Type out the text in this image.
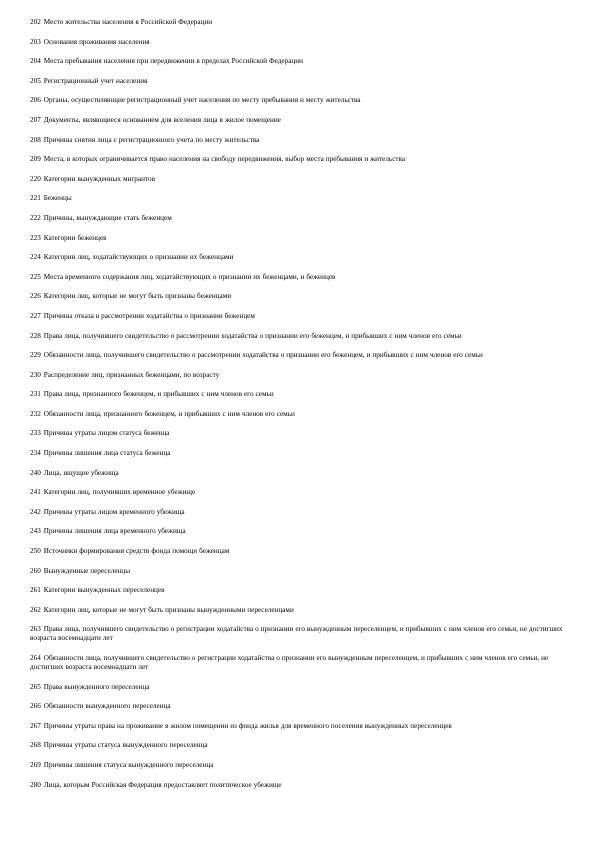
202 Место жительства населения в Российской Федерации
203 Основания проживания населения
204 Места пребывания населения при передвижении в пределах Российской Федерации
205 Регистрационный учет населения
206 Органы, осуществляющие регистрационный учет населения по месту пребывания и месту жительства
207 Документы, являющиеся основанием для вселения лица в жилое помещение
208 Причины снятия лица с регистрационного учета по месту жительства
209 Места, в которых ограничивается право населения на свободу передвижения, выбор места пребывания и жительства
220 Категории вынужденных мигрантов
221 Беженцы
222 Причины, вынуждающие стать беженцем
223 Категории беженцев
224 Категории лиц, ходатайствующих о признании их беженцами
225 Места временного содержания лиц, ходатайствующих о признании их беженцами, и беженцев
226 Категории лиц, которые не могут быть признаны беженцами
227 Причины отказа в рассмотрении ходатайства о признании беженцем
228 Права лица, получившего свидетельство о рассмотрении ходатайства о признании его беженцем, и прибывших с ним членов его семьи
229 Обязанности лица, получившего свидетельство о рассмотрении ходатайства о признании его беженцем, и прибывших с ним членов его семьи
230 Распределение лиц, признанных беженцами, по возрасту
231 Права лица, признанного беженцем, и прибывших с ним членов его семьи
232 Обязанности лица, признанного беженцем, и прибывших с ним членов его семьи
233 Причины утраты лицом статуса беженца
234 Причины лишения лица статуса беженца
240 Лица, ищущие убежища
241 Категории лиц, получивших временное убежище
242 Причины утраты лицом временного убежища
243 Причины лишения лица временного убежища
250 Источники формирования средств фонда помощи беженцам
260 Вынужденные переселенцы
261 Категории вынужденных переселенцев
262 Категории лиц, которые не могут быть признаны вынужденными переселенцами
263 Права лица, получившего свидетельство о регистрации ходатайства о признании его вынужденным переселенцем, и прибывших с ним членов его семьи, не достигших возраста восемнадцати лет
264 Обязанности лица, получившего свидетельство о регистрации ходатайства о признании его вынужденным переселенцем, и прибывших с ним членов его семьи, не достигших возраста восемнадцати лет
265 Права вынужденного переселенца
266 Обязанности вынужденного переселенца
267 Причины утраты права на проживание в жилом помещении из фонда жилья для временного поселения вынужденных переселенцев
268 Причины утраты статуса вынужденного переселенца
269 Причины лишения статуса вынужденного переселенца
280 Лица, которым Российская Федерация предоставляет политическое убежище
